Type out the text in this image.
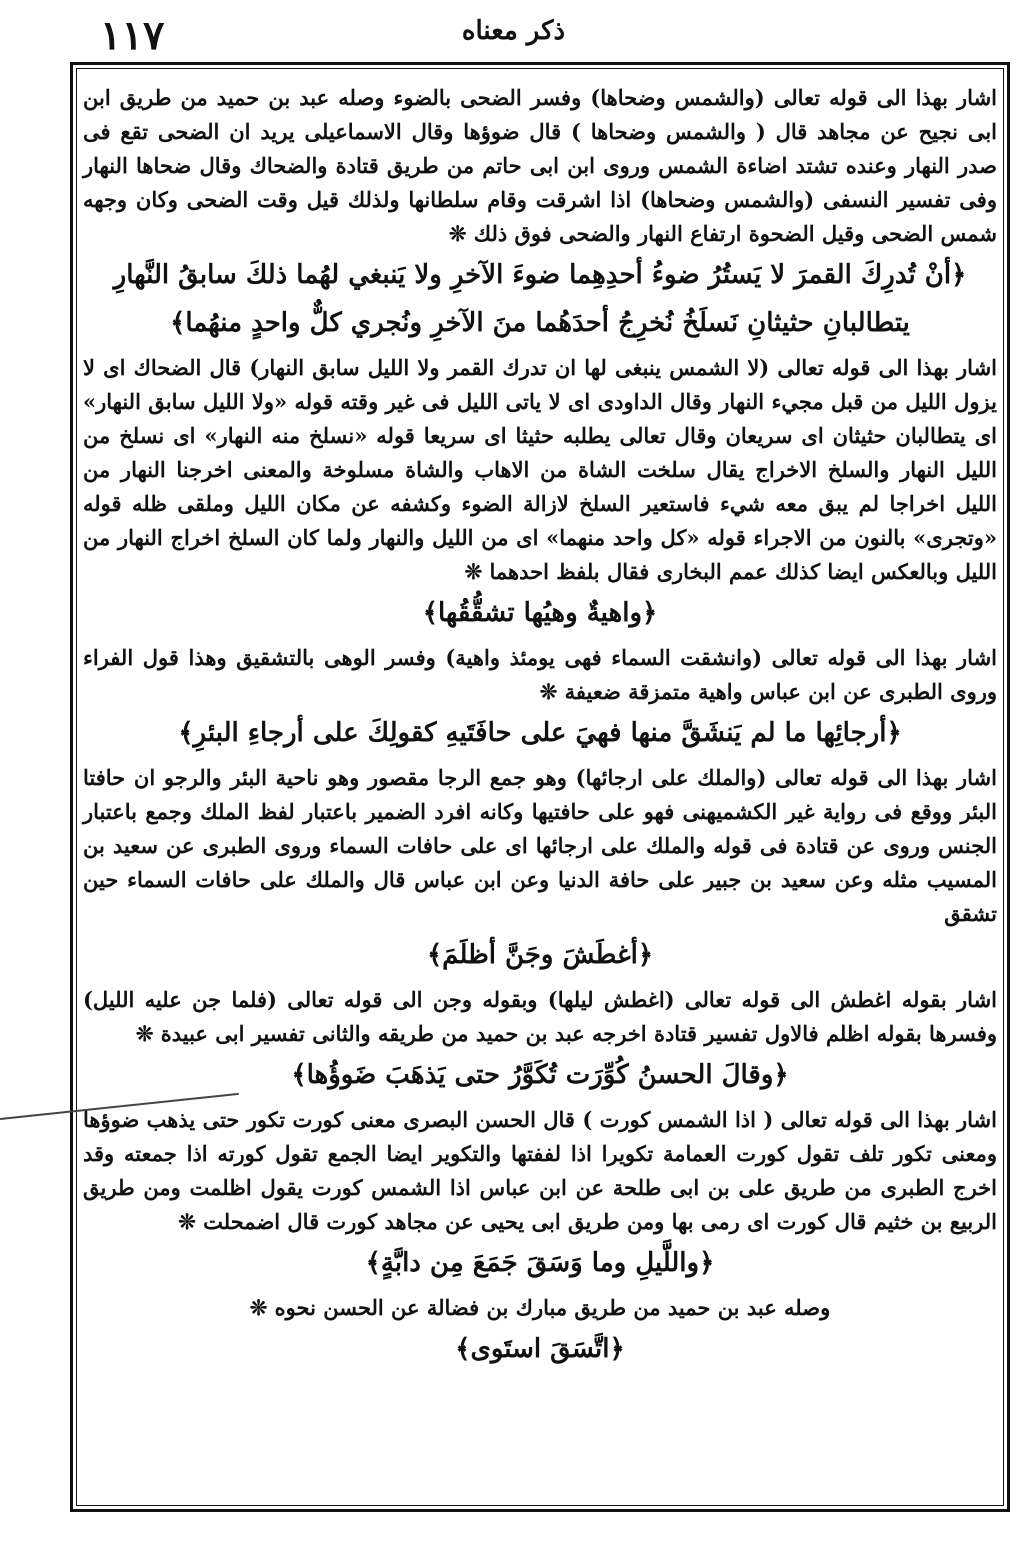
١١٧	ذكر معناه
اشار بهذا الى قوله تعالى (والشمس وضحاها) وفسر الضحى بالضوء وصله عبد بن حميد من طريق ابن ابى نجيح عن مجاهد قال ( والشمس وضحاها ) قال ضوؤها وقال الاسماعيلى يريد ان الضحى تقع فى صدر النهار وعنده تشتد اضاءة الشمس وروى ابن ابى حاتم من طريق قتادة والضحاك وقال ضحاها النهار وفى تفسير النسفى (والشمس وضحاها) اذا اشرقت وقام سلطانها ولذلك قيل وقت الضحى وكان وجهه شمس الضحى وقيل الضحوة ارتفاع النهار والضحى فوق ذلك ❊
﴿أنْ تُدرِكَ القمرَ لا يَستُرُ ضوءُ أحدِهِما ضوءَ الآخرِ ولا يَنبغي لهُما ذلكَ سابقُ النَّهارِ
يتطالبانِ حثيثانِ نَسلَخُ نُخرِجُ أحدَهُما منَ الآخرِ ونُجري كلٌّ واحدٍ منهُما﴾
اشار بهذا الى قوله تعالى (لا الشمس ينبغى لها ان تدرك القمر ولا الليل سابق النهار) قال الضحاك اى لا يزول الليل من قبل مجيء النهار وقال الداودى اى لا ياتى الليل فى غير وقته قوله «ولا الليل سابق النهار» اى يتطالبان حثيثان اى سريعان وقال تعالى يطلبه حثيثا اى سريعا قوله «نسلخ منه النهار» اى نسلخ من الليل النهار والسلخ الاخراج يقال سلخت الشاة من الاهاب والشاة مسلوخة والمعنى اخرجنا النهار من الليل اخراجا لم يبق معه شيء فاستعير السلخ لازالة الضوء وكشفه عن مكان الليل وملقى ظله قوله «وتجرى» بالنون من الاجراء قوله «كل واحد منهما» اى من الليل والنهار ولما كان السلخ اخراج النهار من الليل وبالعكس ايضا كذلك عمم البخارى فقال بلفظ احدهما ❊
﴿واهيةٌ وهيُها تشقُّقُها﴾
اشار بهذا الى قوله تعالى (وانشقت السماء فهى يومئذ واهية) وفسر الوهى بالتشقيق وهذا قول الفراء وروى الطبرى عن ابن عباس واهية متمزقة ضعيفة ❊
﴿أرجائِها ما لم يَنشَقَّ منها فهيَ على حافَتَيهِ كقولِكَ على أرجاءِ البئرِ﴾
اشار بهذا الى قوله تعالى (والملك على ارجائها) وهو جمع الرجا مقصور وهو ناحية البئر والرجو ان حافتا البئر ووقع فى رواية غير الكشميهنى فهو على حافتيها وكانه افرد الضمير باعتبار لفظ الملك وجمع باعتبار الجنس وروى عن قتادة فى قوله والملك على ارجائها اى على حافات السماء وروى الطبرى عن سعيد بن المسيب مثله وعن سعيد بن جبير على حافة الدنيا وعن ابن عباس قال والملك على حافات السماء حين تشقق
﴿أغطَشَ وجَنَّ أظلَمَ﴾
اشار بقوله اغطش الى قوله تعالى (اغطش ليلها) وبقوله وجن الى قوله تعالى (فلما جن عليه الليل) وفسرها بقوله اظلم فالاول تفسير قتادة اخرجه عبد بن حميد من طريقه والثانى تفسير ابى عبيدة ❊
﴿وقالَ الحسنُ كُوِّرَت تُكَوَّرُ حتى يَذهَبَ ضَوؤُها﴾
اشار بهذا الى قوله تعالى ( اذا الشمس كورت ) قال الحسن البصرى معنى كورت تكور حتى يذهب ضوؤها ومعنى تكور تلف تقول كورت العمامة تكويرا اذا لففتها والتكوير ايضا الجمع تقول كورته اذا جمعته وقد اخرج الطبرى من طريق على بن ابى طلحة عن ابن عباس اذا الشمس كورت يقول اظلمت ومن طريق الربيع بن خثيم قال كورت اى رمى بها ومن طريق ابى يحيى عن مجاهد كورت قال اضمحلت ❊
﴿واللَّيلِ وما وَسَقَ جَمَعَ مِن دابَّةٍ﴾
وصله عبد بن حميد من طريق مبارك بن فضالة عن الحسن نحوه ❊
﴿اتَّسَقَ استَوى﴾
